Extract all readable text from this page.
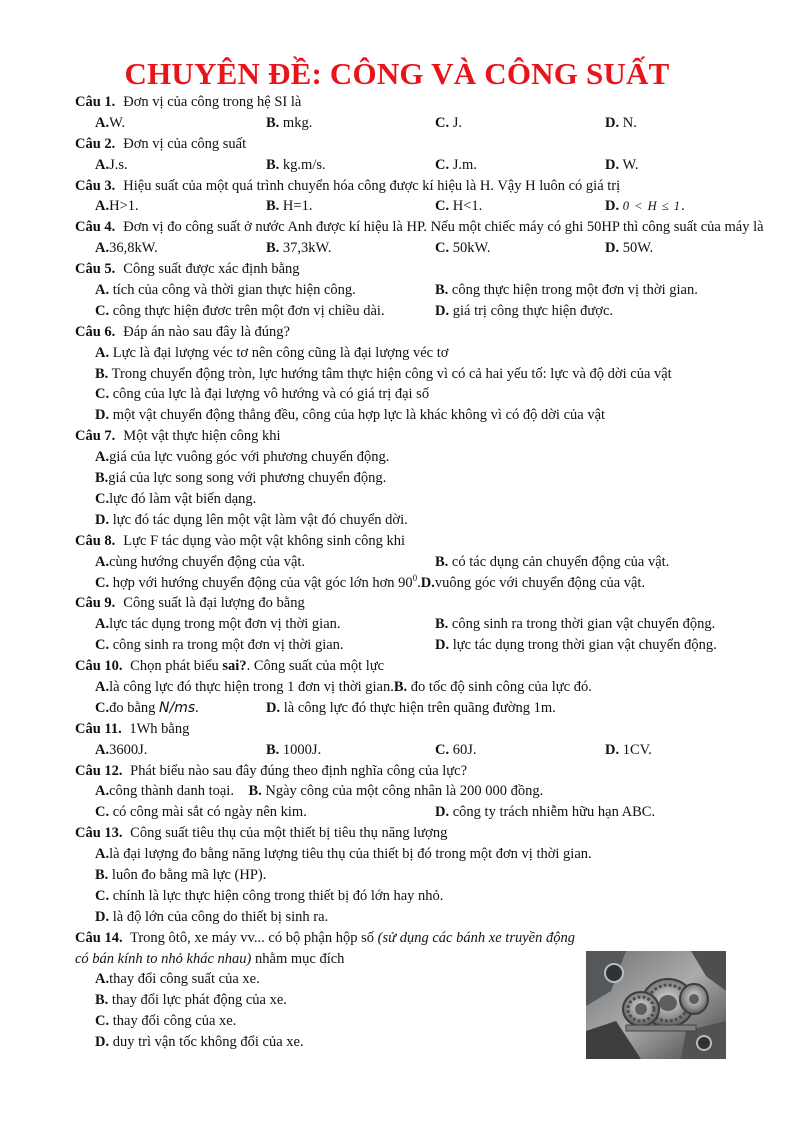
CHUYÊN ĐỀ: CÔNG VÀ CÔNG SUẤT
Câu 1. Đơn vị của công trong hệ SI là
A.W.	B. mkg.	C. J.	D. N.
Câu 2. Đơn vị của công suất
A.J.s.	B. kg.m/s.	C. J.m.	D. W.
Câu 3. Hiệu suất của một quá trình chuyển hóa công được kí hiệu là H. Vậy H luôn có giá trị
A.H>1.	B. H=1.	C. H<1.	D. 0 < H ≤ 1.
Câu 4. Đơn vị đo công suất ở nước Anh được kí hiệu là HP. Nếu một chiếc máy có ghi 50HP thì công suất của máy là
A.36,8kW.	B. 37,3kW.	C. 50kW.	D. 50W.
Câu 5. Công suất được xác định bằng
A. tích của công và thời gian thực hiện công.	B. công thực hiện trong một đơn vị thời gian.
C. công thực hiện đươc trên một đơn vị chiều dài.	D. giá trị công thực hiện được.
Câu 6. Đáp án nào sau đây là đúng?
A. Lực là đại lượng véc tơ nên công cũng là đại lượng véc tơ
B. Trong chuyển động tròn, lực hướng tâm thực hiện công vì có cả hai yếu tố: lực và độ dời của vật
C. công của lực là đại lượng vô hướng và có giá trị đại số
D. một vật chuyển động thẳng đều, công của hợp lực là khác không vì có độ dời của vật
Câu 7. Một vật thực hiện công khi
A.giá của lực vuông góc với phương chuyển động.
B.giá của lực song song với phương chuyển động.
C.lực đó làm vật biến dạng.
D. lực đó tác dụng lên một vật làm vật đó chuyển dời.
Câu 8. Lực F tác dụng vào một vật không sinh công khi
A.cùng hướng chuyển động của vật.	B. có tác dụng cản chuyển động của vật.
C. hợp với hướng chuyển động của vật góc lớn hơn $90^0.D.vuông$ góc với chuyển động của vật.
Câu 9. Công suất là đại lượng đo bằng
A.lực tác dụng trong một đơn vị thời gian.	B. công sinh ra trong thời gian vật chuyển động.
C. công sinh ra trong một đơn vị thời gian.	D. lực tác dụng trong thời gian vật chuyển động.
Câu 10. Chọn phát biểu sai?. Công suất của một lực
A.là công lực đó thực hiện trong 1 đơn vị thời gian.B. đo tốc độ sinh công của lực đó.
C.đo bằng N/ms.	D. là công lực đó thực hiện trên quãng đường 1m.
Câu 11. 1Wh bằng
A.3600J.	B. 1000J.	C. 60J.	D. 1CV.
Câu 12. Phát biểu nào sau đây đúng theo định nghĩa công của lực?
A.công thành danh toại. B. Ngày công của một công nhân là 200 000 đồng.
C. có công mài sắt có ngày nên kim.	D. công ty trách nhiễm hữu hạn ABC.
Câu 13. Công suất tiêu thụ của một thiết bị tiêu thụ năng lượng
A.là đại lượng đo bằng năng lượng tiêu thụ của thiết bị đó trong một đơn vị thời gian.
B. luôn đo bằng mã lực (HP).
C. chính là lực thực hiện công trong thiết bị đó lớn hay nhỏ.
D. là độ lớn của công do thiết bị sinh ra.
Câu 14. Trong ôtô, xe máy vv... có bộ phận hộp số (sử dụng các bánh xe truyền động có bán kính to nhỏ khác nhau) nhằm mục đích
A.thay đổi công suất của xe.
B. thay đổi lực phát động của xe.
C. thay đổi công của xe.
D. duy trì vận tốc không đổi của xe.
